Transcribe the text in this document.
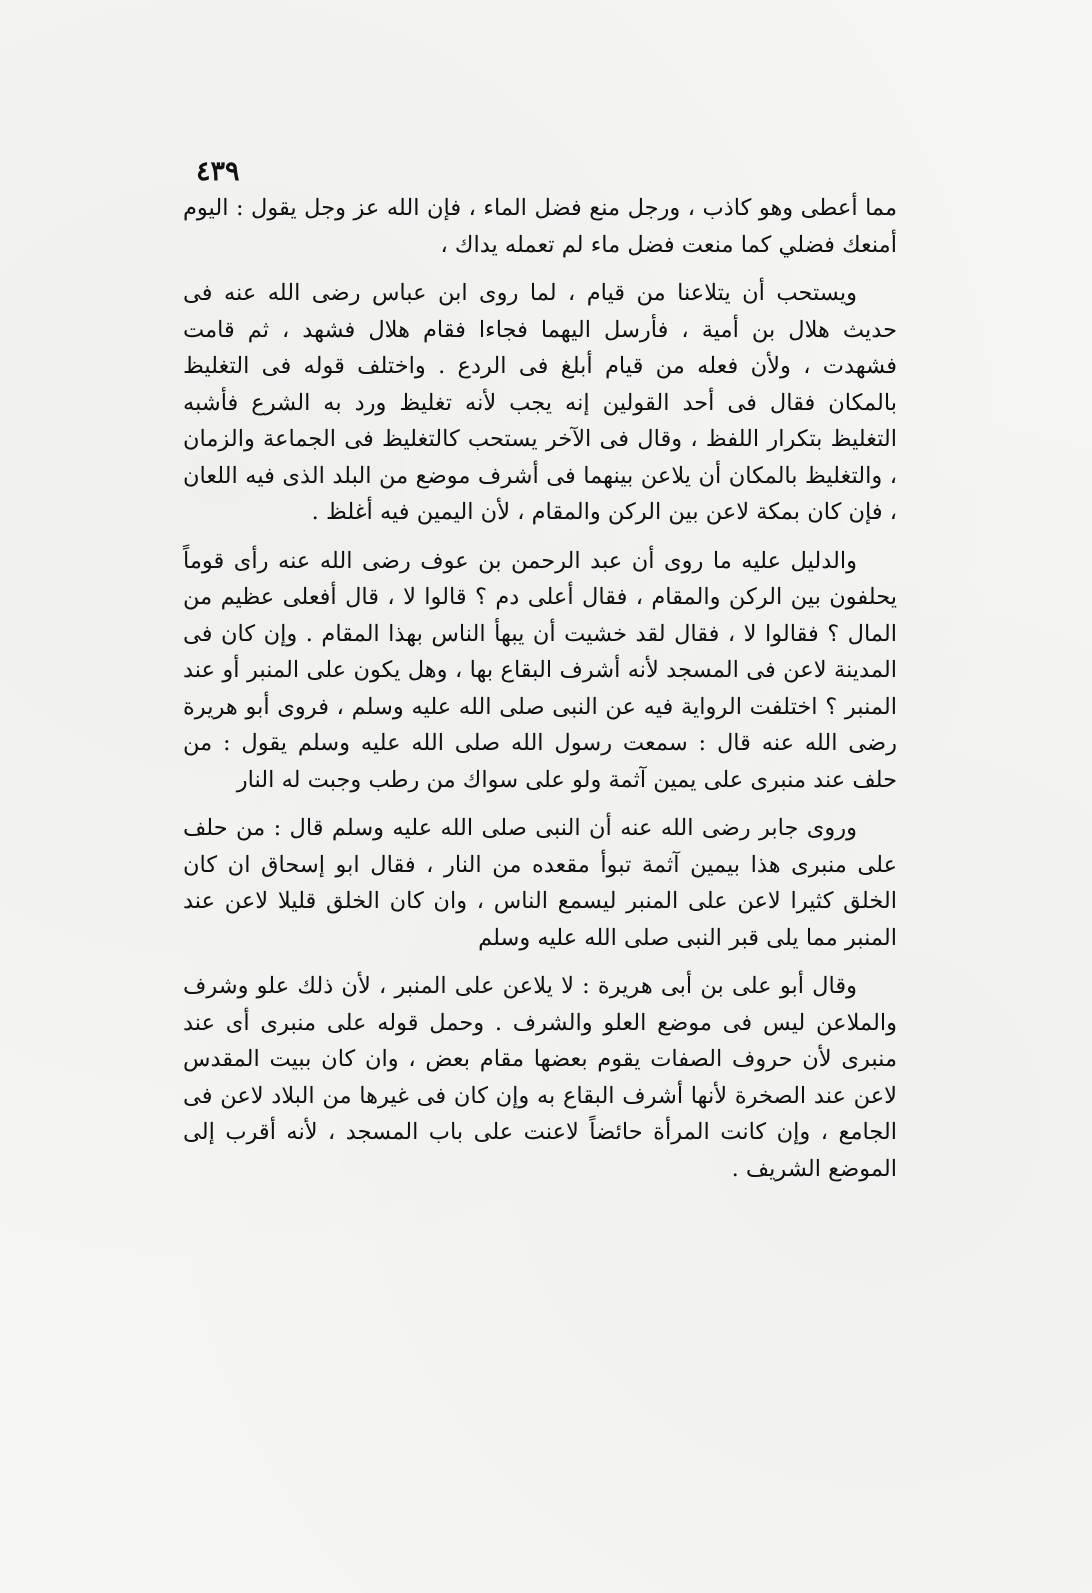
٤٣٩

مما أعطى وهو كاذب ، ورجل منع فضل الماء ، فإن الله عز وجل يقول : اليوم أمنعك فضلي كما منعت فضل ماء لم تعمله يداك ،

ويستحب أن يتلاعنا من قيام ، لما روى ابن عباس رضى الله عنه فى حديث هلال بن أمية ، فأرسل اليهما فجاءا فقام هلال فشهد ، ثم قامت فشهدت ، ولأن فعله من قيام أبلغ فى الردع . واختلف قوله فى التغليظ بالمكان فقال فى أحد القولين إنه يجب لأنه تغليظ ورد به الشرع فأشبه التغليظ بتكرار اللفظ ، وقال فى الآخر يستحب كالتغليظ فى الجماعة والزمان ، والتغليظ بالمكان أن يلاعن بينهما فى أشرف موضع من البلد الذى فيه اللعان ، فإن كان بمكة لاعن بين الركن والمقام ، لأن اليمين فيه أغلظ .

والدليل عليه ما روى أن عبد الرحمن بن عوف رضى الله عنه رأى قوماً يحلفون بين الركن والمقام ، فقال أعلى دم ؟ قالوا لا ، قال أفعلى عظيم من المال ؟ فقالوا لا ، فقال لقد خشيت أن يبهأ الناس بهذا المقام . وإن كان فى المدينة لاعن فى المسجد لأنه أشرف البقاع بها ، وهل يكون على المنبر أو عند المنبر ؟ اختلفت الرواية فيه عن النبى صلى الله عليه وسلم ، فروى أبو هريرة رضى الله عنه قال : سمعت رسول الله صلى الله عليه وسلم يقول : من حلف عند منبرى على يمين آثمة ولو على سواك من رطب وجبت له النار

وروى جابر رضى الله عنه أن النبى صلى الله عليه وسلم قال : من حلف على منبرى هذا بيمين آثمة تبوأ مقعده من النار ، فقال ابو إسحاق ان كان الخلق كثيرا لاعن على المنبر ليسمع الناس ، وان كان الخلق قليلا لاعن عند المنبر مما يلى قبر النبى صلى الله عليه وسلم

وقال أبو على بن أبى هريرة : لا يلاعن على المنبر ، لأن ذلك علو وشرف والملاعن ليس فى موضع العلو والشرف . وحمل قوله على منبرى أى عند منبرى لأن حروف الصفات يقوم بعضها مقام بعض ، وان كان ببيت المقدس لاعن عند الصخرة لأنها أشرف البقاع به وإن كان فى غيرها من البلاد لاعن فى الجامع ، وإن كانت المرأة حائضاً لاعنت على باب المسجد ، لأنه أقرب إلى الموضع الشريف .
